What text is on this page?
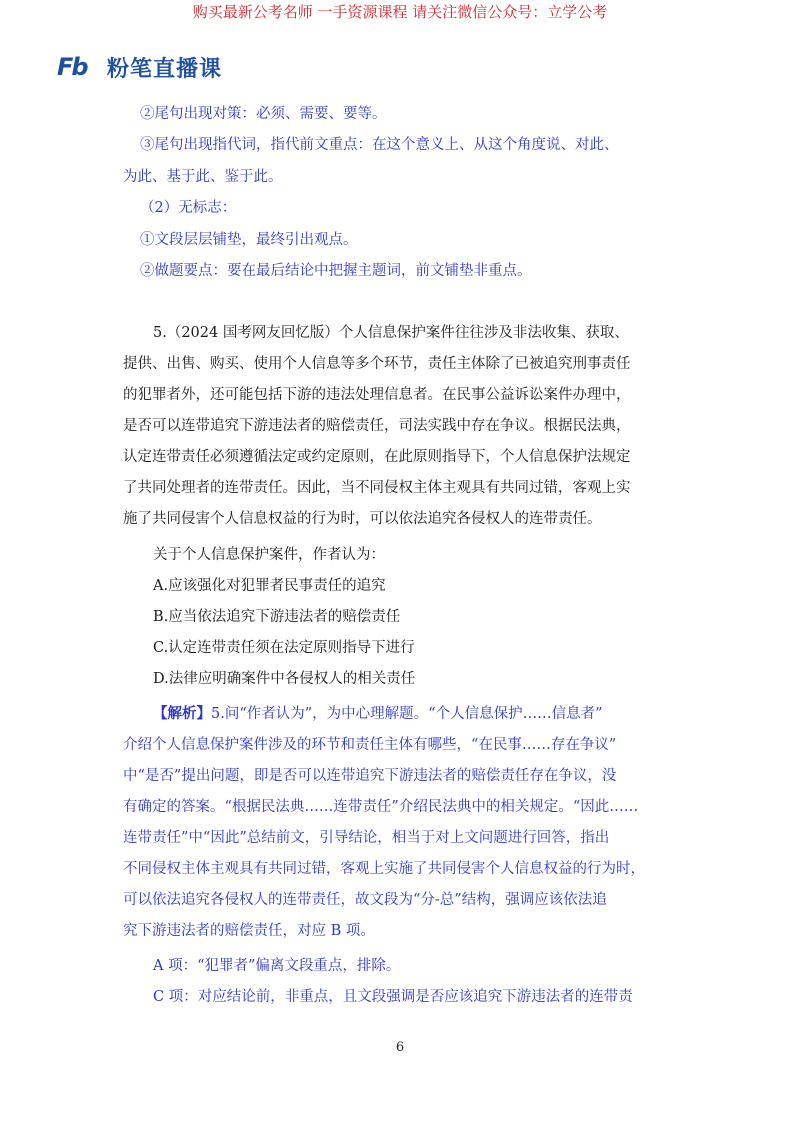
购买最新公考名师 一手资源课程 请关注微信公众号：立学公考
Fb 粉笔直播课
②尾句出现对策：必须、需要、要等。
③尾句出现指代词，指代前文重点：在这个意义上、从这个角度说、对此、
为此、基于此、鉴于此。
（2）无标志：
①文段层层铺垫，最终引出观点。
②做题要点：要在最后结论中把握主题词，前文铺垫非重点。
5.（2024 国考网友回忆版）个人信息保护案件往往涉及非法收集、获取、
提供、出售、购买、使用个人信息等多个环节，责任主体除了已被追究刑事责任
的犯罪者外，还可能包括下游的违法处理信息者。在民事公益诉讼案件办理中，
是否可以连带追究下游违法者的赔偿责任，司法实践中存在争议。根据民法典，
认定连带责任必须遵循法定或约定原则，在此原则指导下，个人信息保护法规定
了共同处理者的连带责任。因此，当不同侵权主体主观具有共同过错，客观上实
施了共同侵害个人信息权益的行为时，可以依法追究各侵权人的连带责任。
关于个人信息保护案件，作者认为：
A.应该强化对犯罪者民事责任的追究
B.应当依法追究下游违法者的赔偿责任
C.认定连带责任须在法定原则指导下进行
D.法律应明确案件中各侵权人的相关责任
【解析】5.问“作者认为”，为中心理解题。“个人信息保护……信息者”
介绍个人信息保护案件涉及的环节和责任主体有哪些，“在民事……存在争议”
中“是否”提出问题，即是否可以连带追究下游违法者的赔偿责任存在争议，没
有确定的答案。“根据民法典……连带责任”介绍民法典中的相关规定。“因此……
连带责任”中“因此”总结前文，引导结论，相当于对上文问题进行回答，指出
不同侵权主体主观具有共同过错，客观上实施了共同侵害个人信息权益的行为时，
可以依法追究各侵权人的连带责任，故文段为“分-总”结构，强调应该依法追
究下游违法者的赔偿责任，对应 B 项。
A 项：“犯罪者”偏离文段重点，排除。
C 项：对应结论前，非重点，且文段强调是否应该追究下游违法者的连带责
6
